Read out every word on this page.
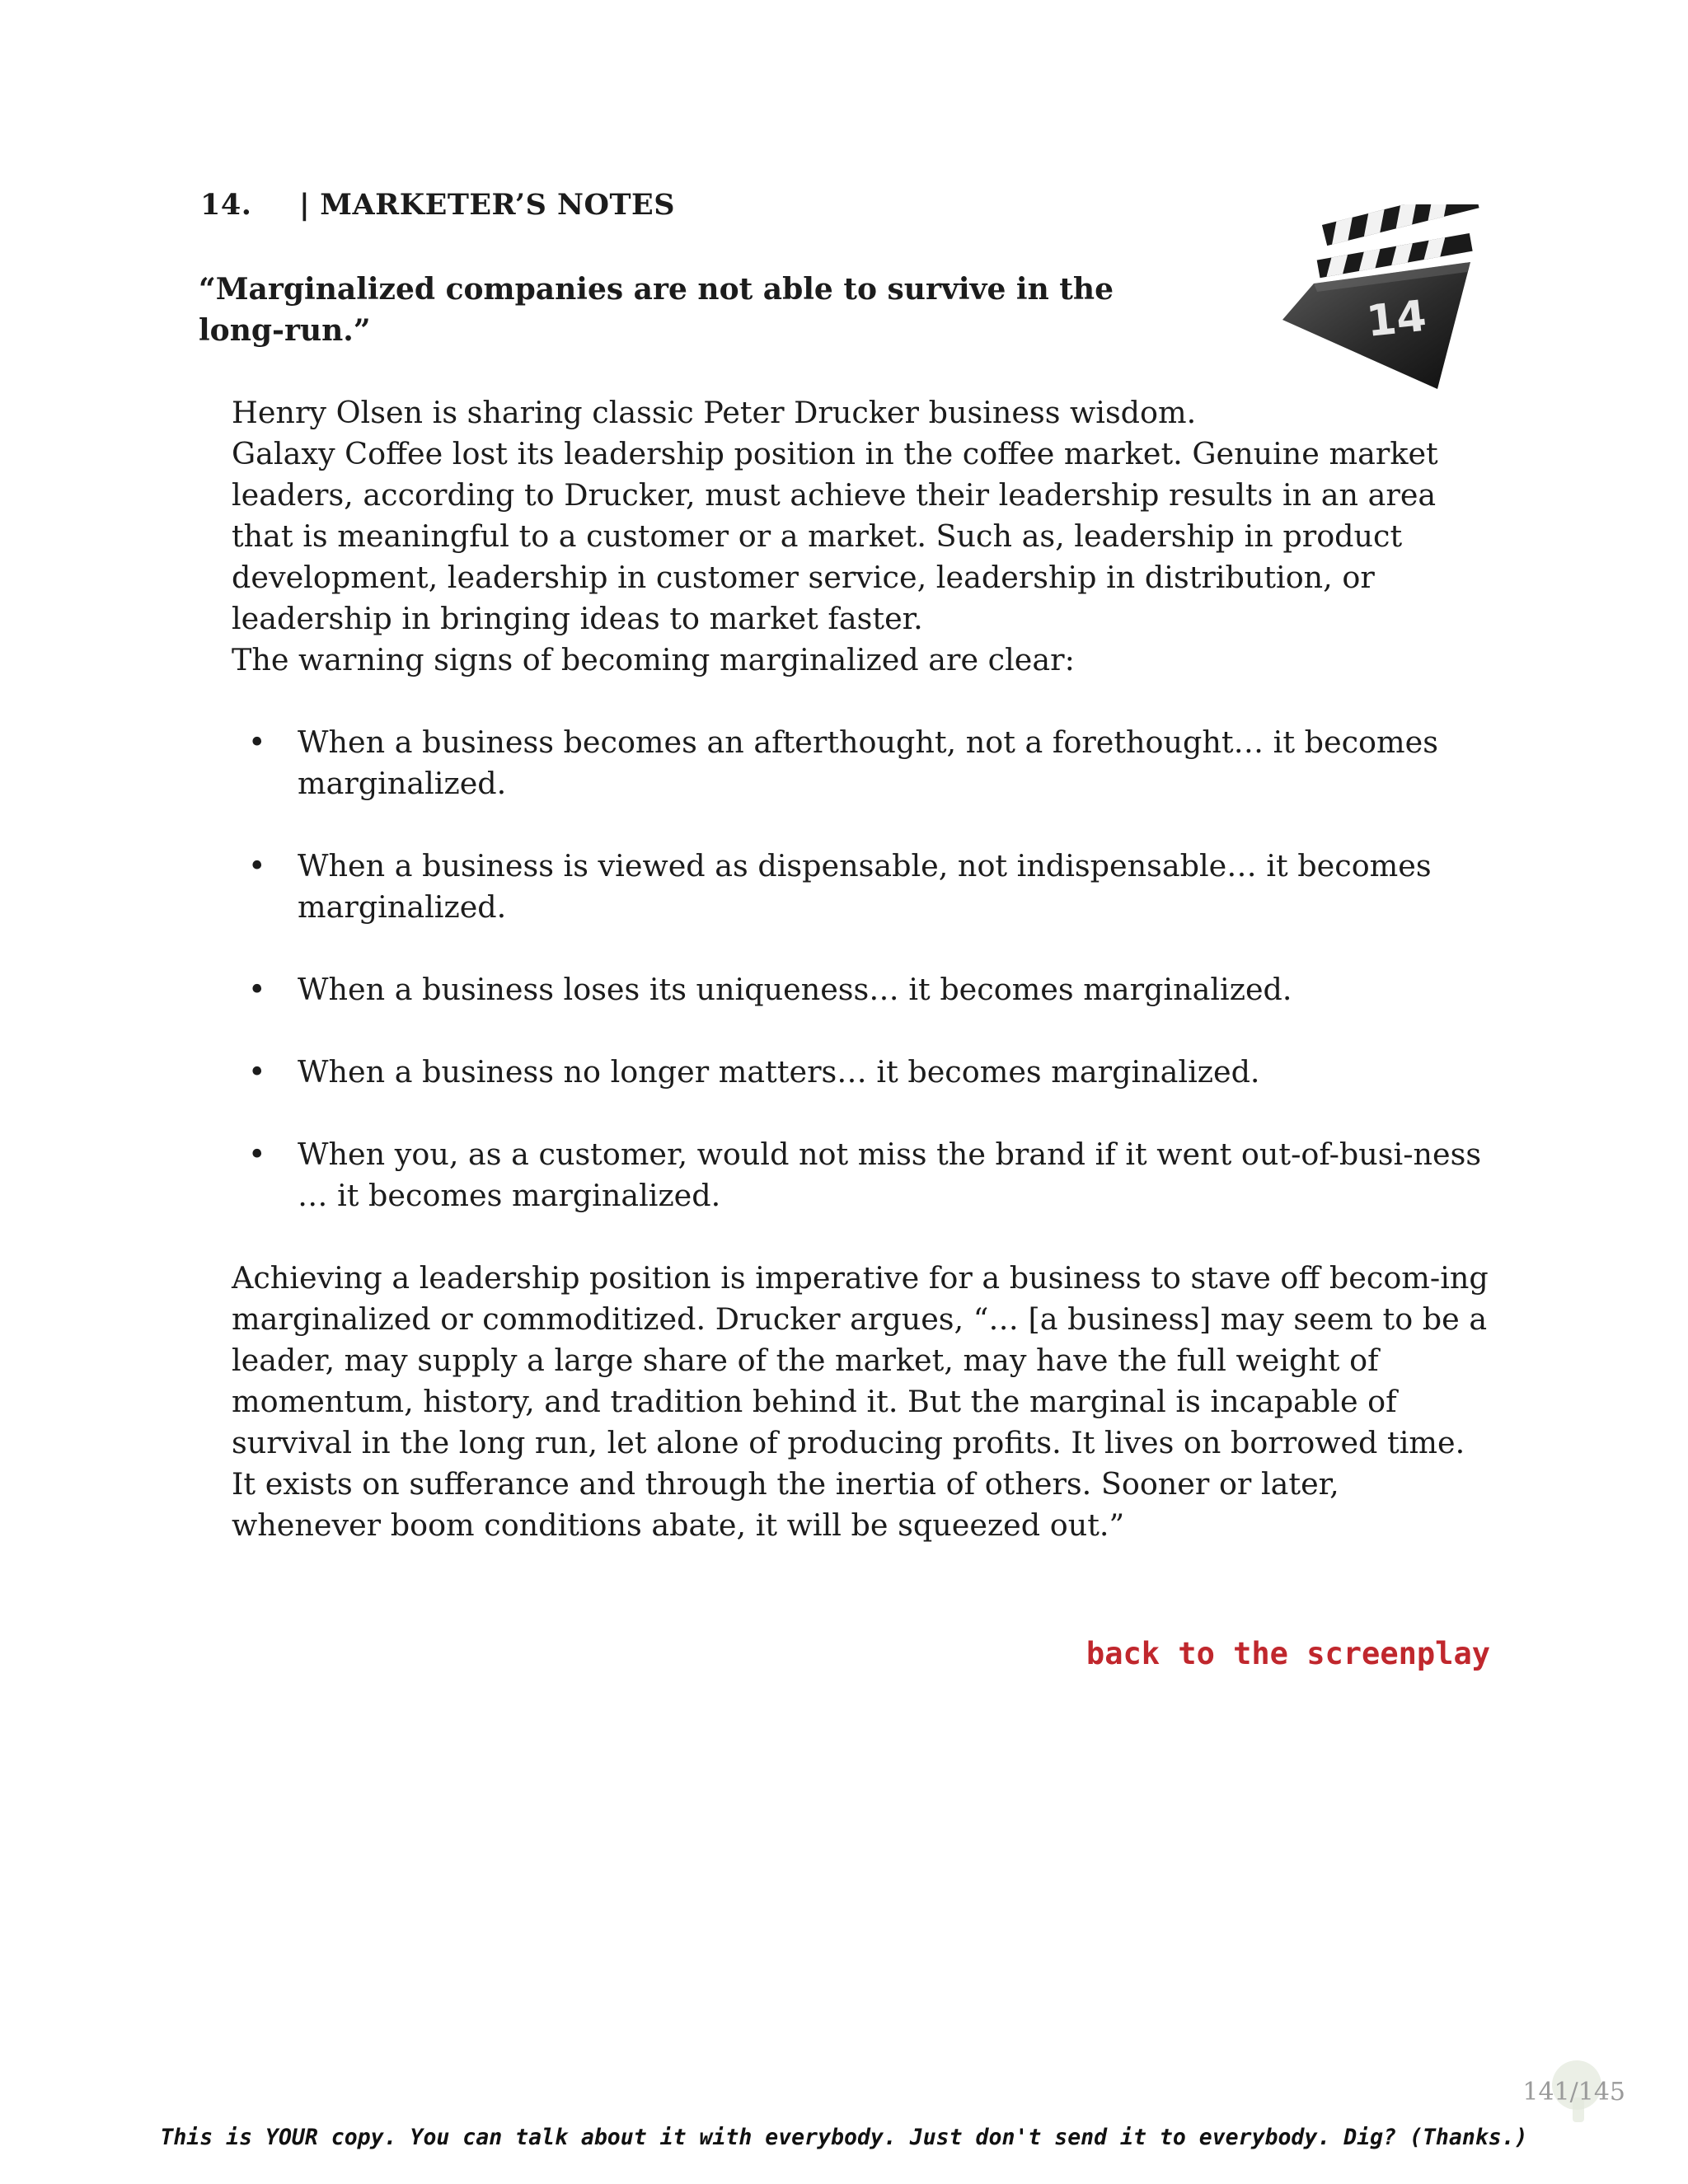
14. | MARKETER’S NOTES
“Marginalized companies are not able to survive in the long-run.”	14

Henry Olsen is sharing classic Peter Drucker business wisdom.
Galaxy Coffee lost its leadership position in the coffee market. Genuine market leaders, according to Drucker, must achieve their leadership results in an area that is meaningful to a customer or a market. Such as, leadership in product development, leadership in customer service, leadership in distribution, or leadership in bringing ideas to market faster.
The warning signs of becoming marginalized are clear:

• When a business becomes an afterthought, not a forethought… it becomes marginalized.
• When a business is viewed as dispensable, not indispensable… it becomes marginalized.
• When a business loses its uniqueness… it becomes marginalized.
• When a business no longer matters… it becomes marginalized.
• When you, as a customer, would not miss the brand if it went out-of-busi-ness … it becomes marginalized.

Achieving a leadership position is imperative for a business to stave off becom-ing marginalized or commoditized. Drucker argues, “… [a business] may seem to be a leader, may supply a large share of the market, may have the full weight of momentum, history, and tradition behind it. But the marginal is incapable of survival in the long run, let alone of producing profits. It lives on borrowed time. It exists on sufferance and through the inertia of others. Sooner or later, whenever boom conditions abate, it will be squeezed out.”

back to the screenplay
141/145
This is YOUR copy. You can talk about it with everybody. Just don't send it to everybody. Dig? (Thanks.)
